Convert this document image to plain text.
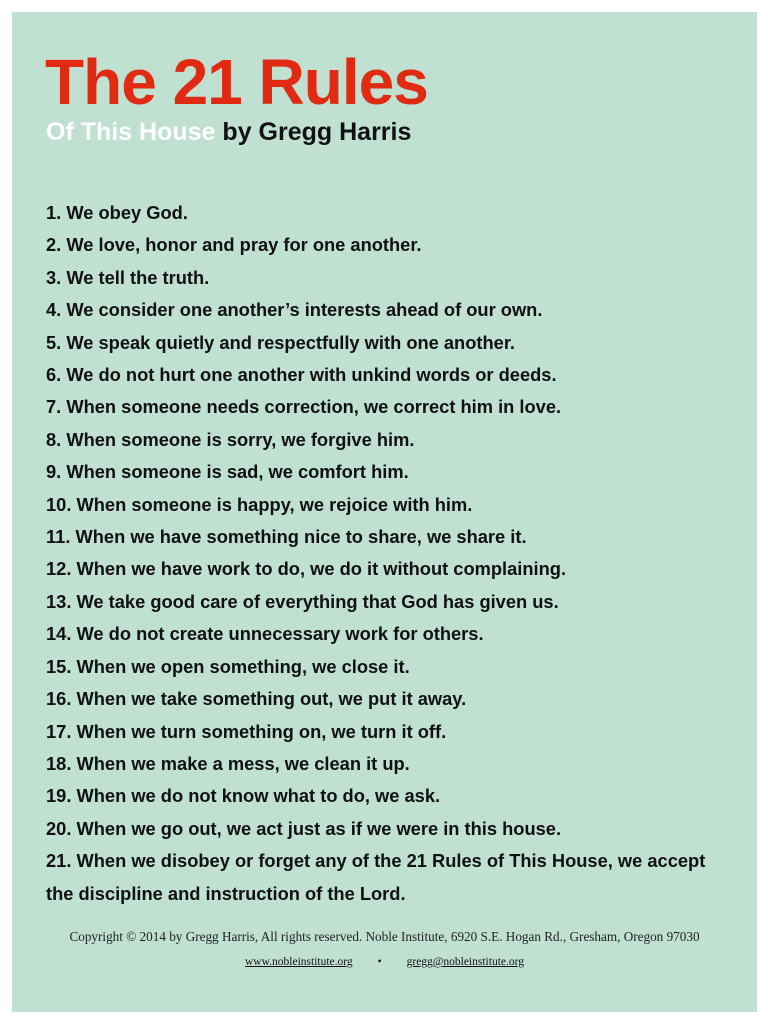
The 21 Rules
Of This House by Gregg Harris
1. We obey God.
2. We love, honor and pray for one another.
3. We tell the truth.
4. We consider one another’s interests ahead of our own.
5. We speak quietly and respectfully with one another.
6. We do not hurt one another with unkind words or deeds.
7. When someone needs correction, we correct him in love.
8. When someone is sorry, we forgive him.
9. When someone is sad, we comfort him.
10. When someone is happy, we rejoice with him.
11. When we have something nice to share, we share it.
12. When we have work to do, we do it without complaining.
13. We take good care of everything that God has given us.
14. We do not create unnecessary work for others.
15. When we open something, we close it.
16. When we take something out, we put it away.
17. When we turn something on, we turn it off.
18. When we make a mess, we clean it up.
19. When we do not know what to do, we ask.
20. When we go out, we act just as if we were in this house.
21. When we disobey or forget any of the 21 Rules of This House, we accept the discipline and instruction of the Lord.
Copyright © 2014 by Gregg Harris, All rights reserved. Noble Institute, 6920 S.E. Hogan Rd., Gresham, Oregon 97030
www.nobleinstitute.org • gregg@nobleinstitute.org
